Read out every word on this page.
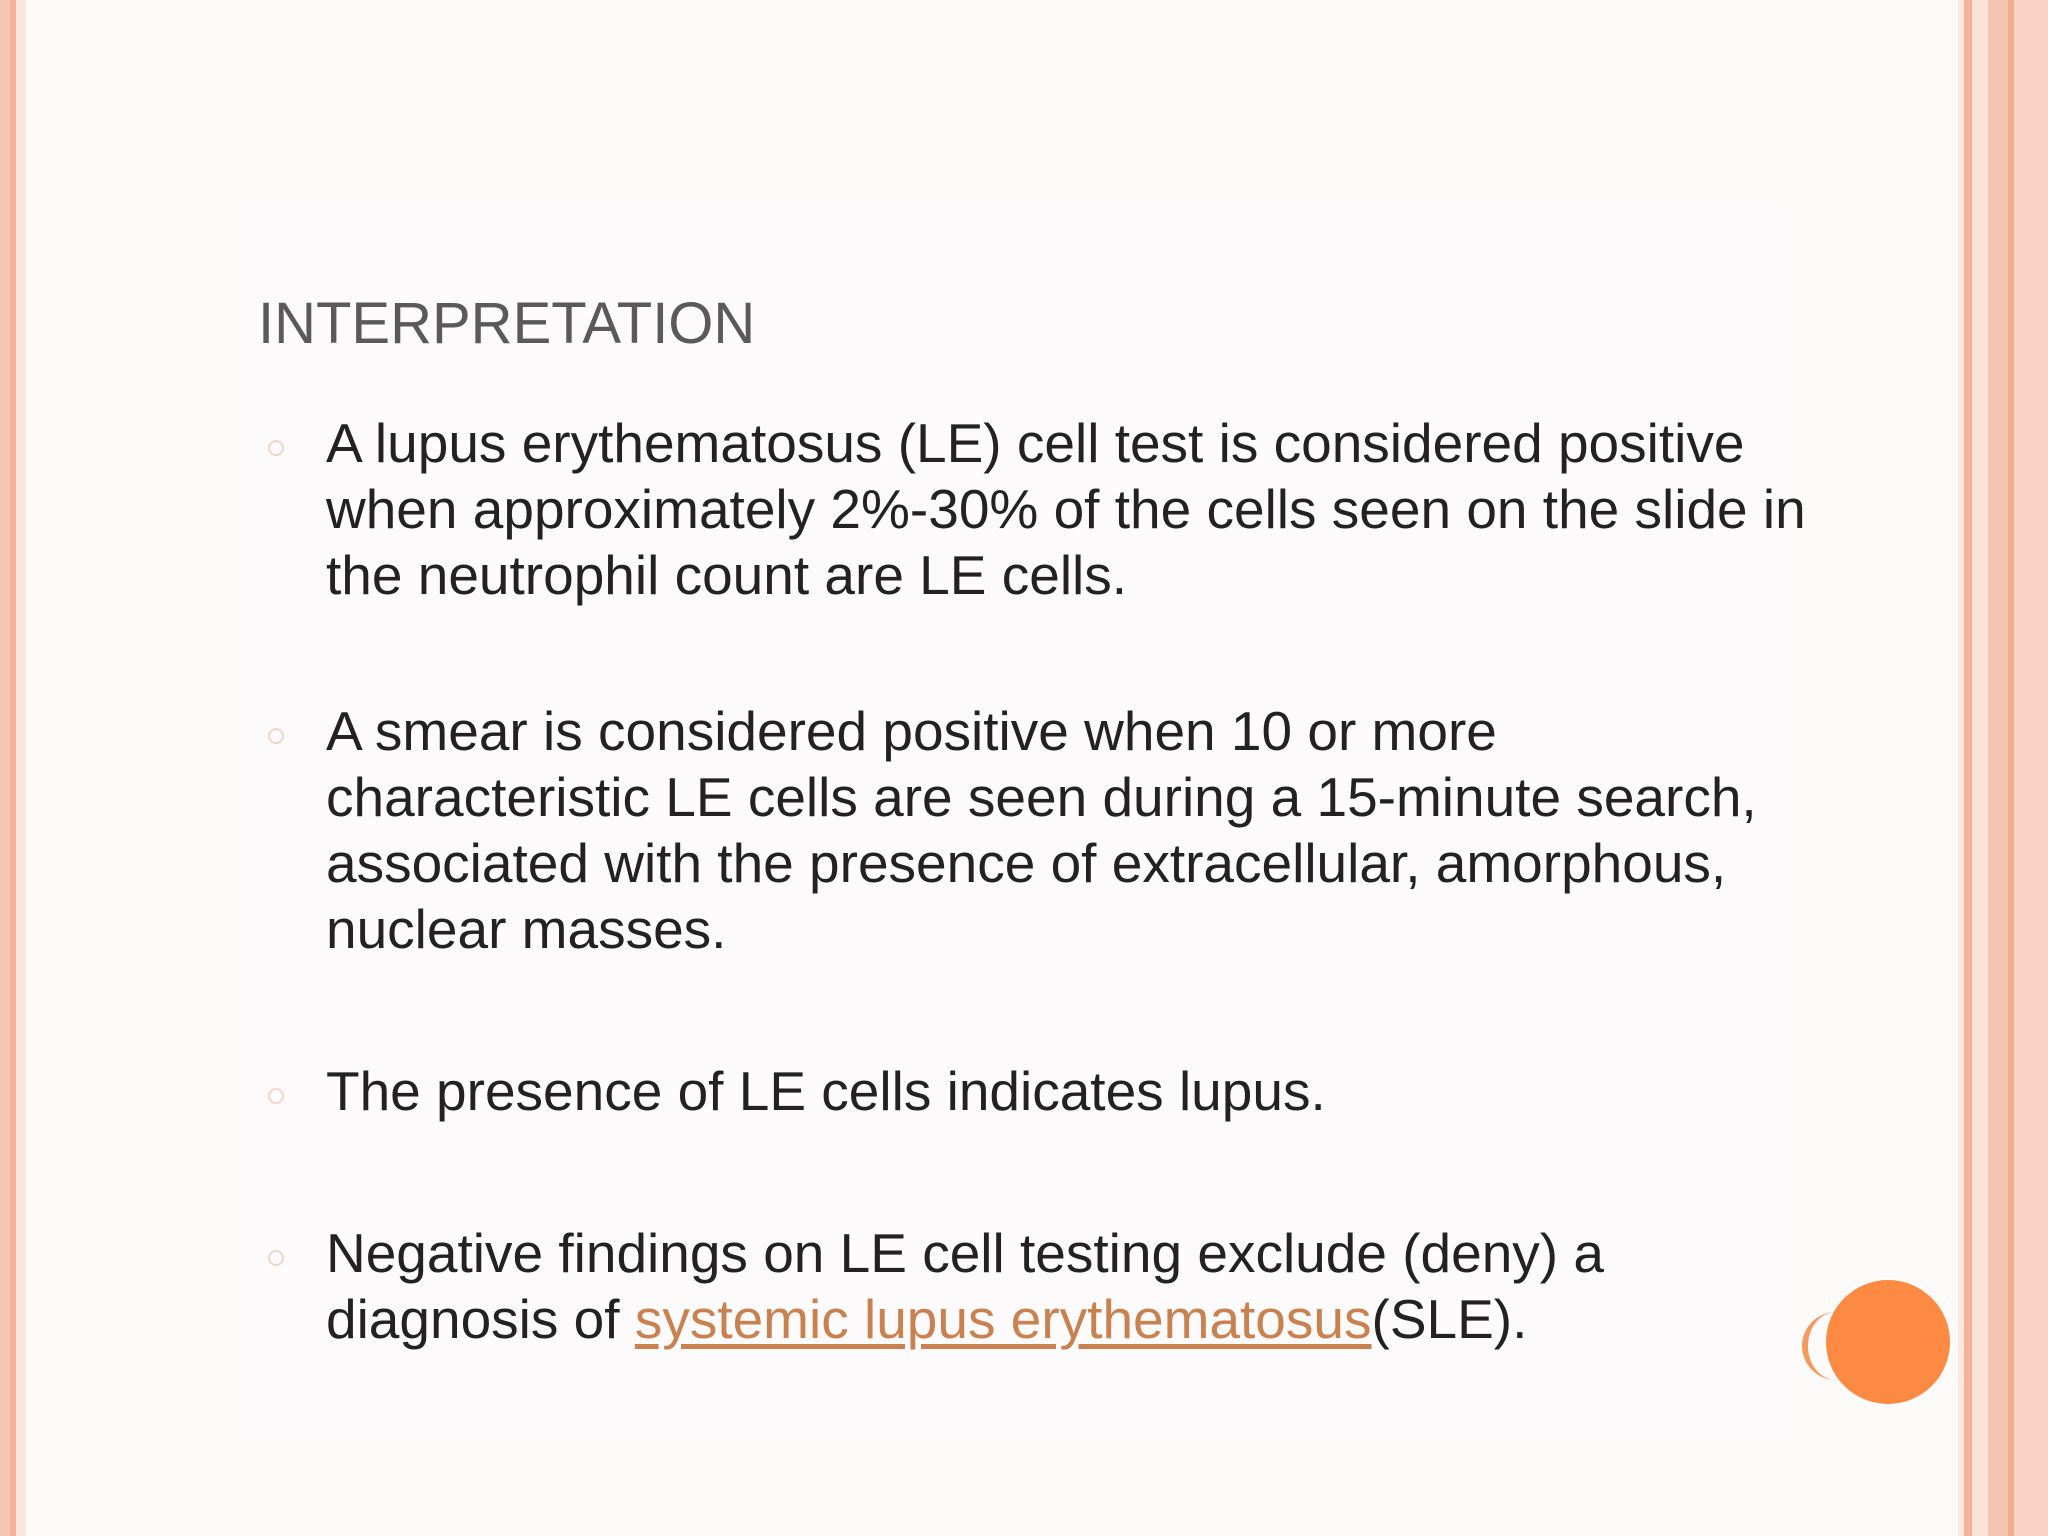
INTERPRETATION
A lupus erythematosus (LE) cell test is considered positive when approximately 2%-30% of the cells seen on the slide in the neutrophil count are LE cells.
A smear is considered positive when 10 or more characteristic LE cells are seen during a 15-minute search, associated with the presence of extracellular, amorphous, nuclear masses.
The presence of LE cells indicates lupus.
Negative findings on LE cell testing exclude (deny) a diagnosis of systemic lupus erythematosus(SLE).
